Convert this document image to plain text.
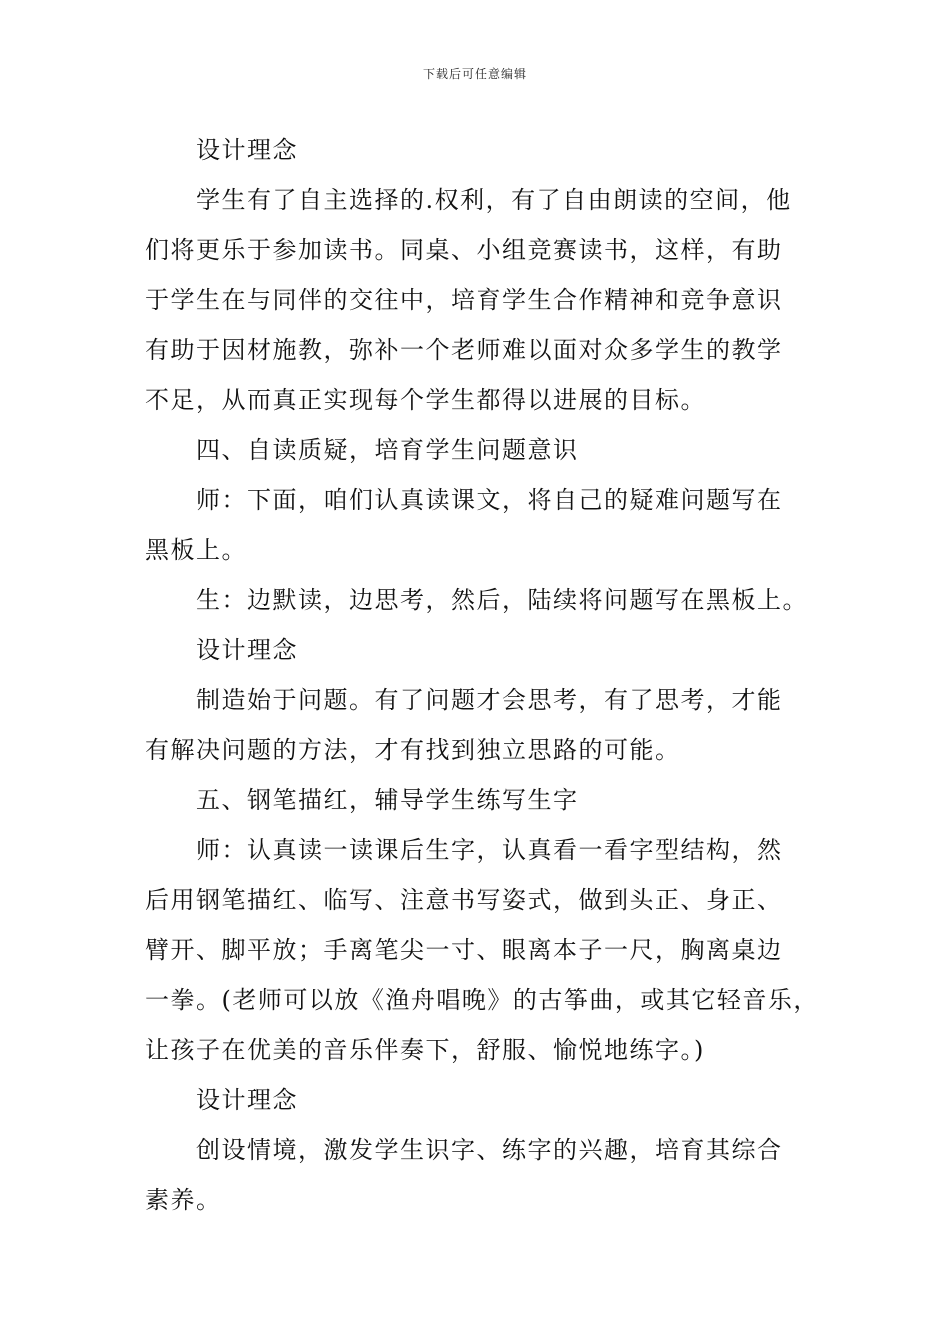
下载后可任意编辑
设计理念
学生有了自主选择的.权利，有了自由朗读的空间，他
们将更乐于参加读书。同桌、小组竞赛读书，这样，有助
于学生在与同伴的交往中，培育学生合作精神和竞争意识
有助于因材施教，弥补一个老师难以面对众多学生的教学
不足，从而真正实现每个学生都得以进展的目标。
四、自读质疑，培育学生问题意识
师：下面，咱们认真读课文，将自己的疑难问题写在
黑板上。
生：边默读，边思考，然后，陆续将问题写在黑板上。
设计理念
制造始于问题。有了问题才会思考，有了思考，才能
有解决问题的方法，才有找到独立思路的可能。
五、钢笔描红，辅导学生练写生字
师：认真读一读课后生字，认真看一看字型结构，然
后用钢笔描红、临写、注意书写姿式，做到头正、身正、
臂开、脚平放；手离笔尖一寸、眼离本子一尺，胸离桌边
一拳。(老师可以放《渔舟唱晚》的古筝曲，或其它轻音乐，
让孩子在优美的音乐伴奏下，舒服、愉悦地练字。)
设计理念
创设情境，激发学生识字、练字的兴趣，培育其综合
素养。
